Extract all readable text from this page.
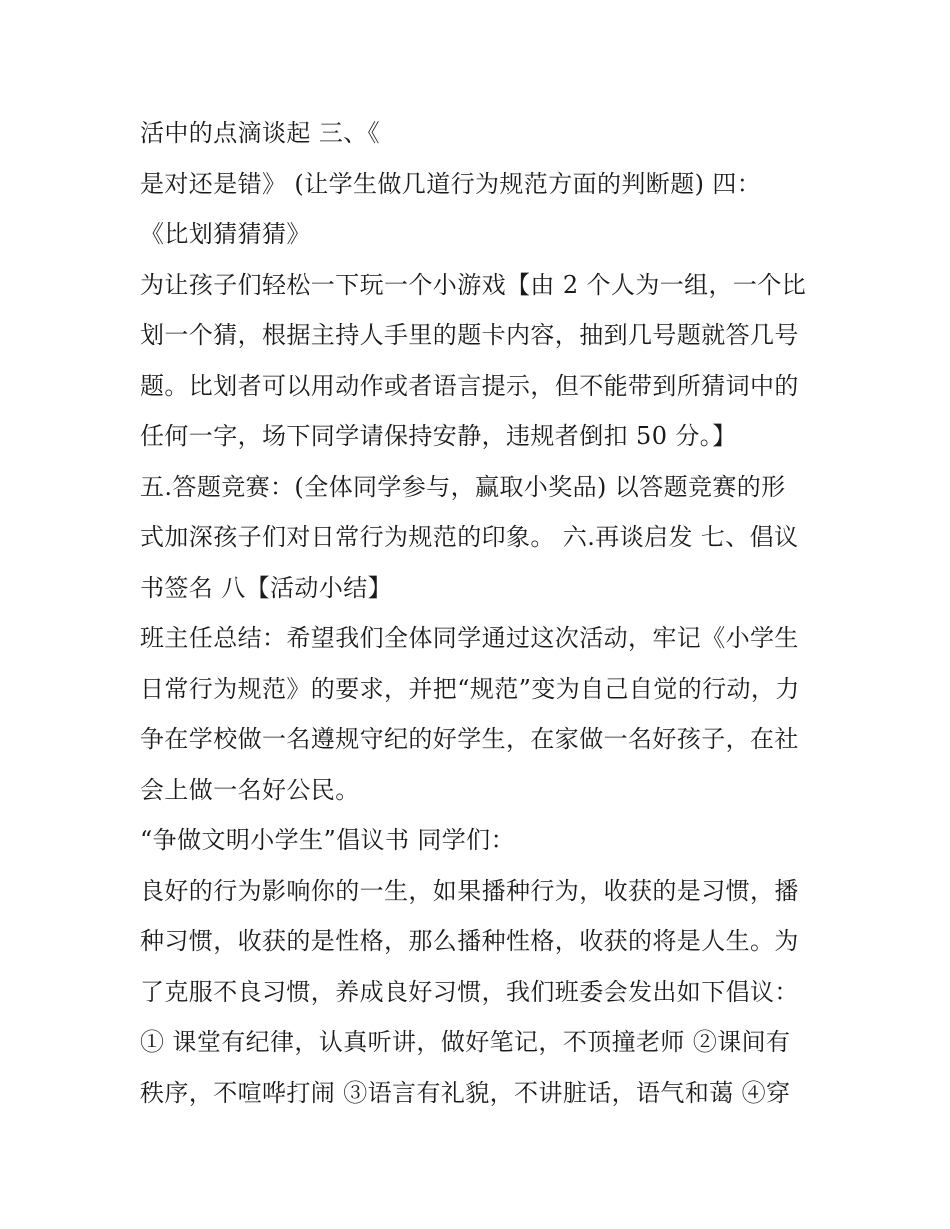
活中的点滴谈起 三、《
是对还是错》 (让学生做几道行为规范方面的判断题) 四：
《比划猜猜猜》
为让孩子们轻松一下玩一个小游戏【由 2 个人为一组，一个比
划一个猜，根据主持人手里的题卡内容，抽到几号题就答几号
题。比划者可以用动作或者语言提示，但不能带到所猜词中的
任何一字，场下同学请保持安静，违规者倒扣 50 分。】
五.答题竞赛：(全体同学参与，赢取小奖品) 以答题竞赛的形
式加深孩子们对日常行为规范的印象。 六.再谈启发 七、倡议
书签名 八【活动小结】
班主任总结：希望我们全体同学通过这次活动，牢记《小学生
日常行为规范》的要求，并把“规范”变为自己自觉的行动，力
争在学校做一名遵规守纪的好学生，在家做一名好孩子，在社
会上做一名好公民。
“争做文明小学生”倡议书 同学们：
良好的行为影响你的一生，如果播种行为，收获的是习惯，播
种习惯，收获的是性格，那么播种性格，收获的将是人生。为
了克服不良习惯，养成良好习惯，我们班委会发出如下倡议：
① 课堂有纪律，认真听讲，做好笔记，不顶撞老师 ②课间有
秩序，不喧哗打闹 ③语言有礼貌，不讲脏话，语气和蔼 ④穿
